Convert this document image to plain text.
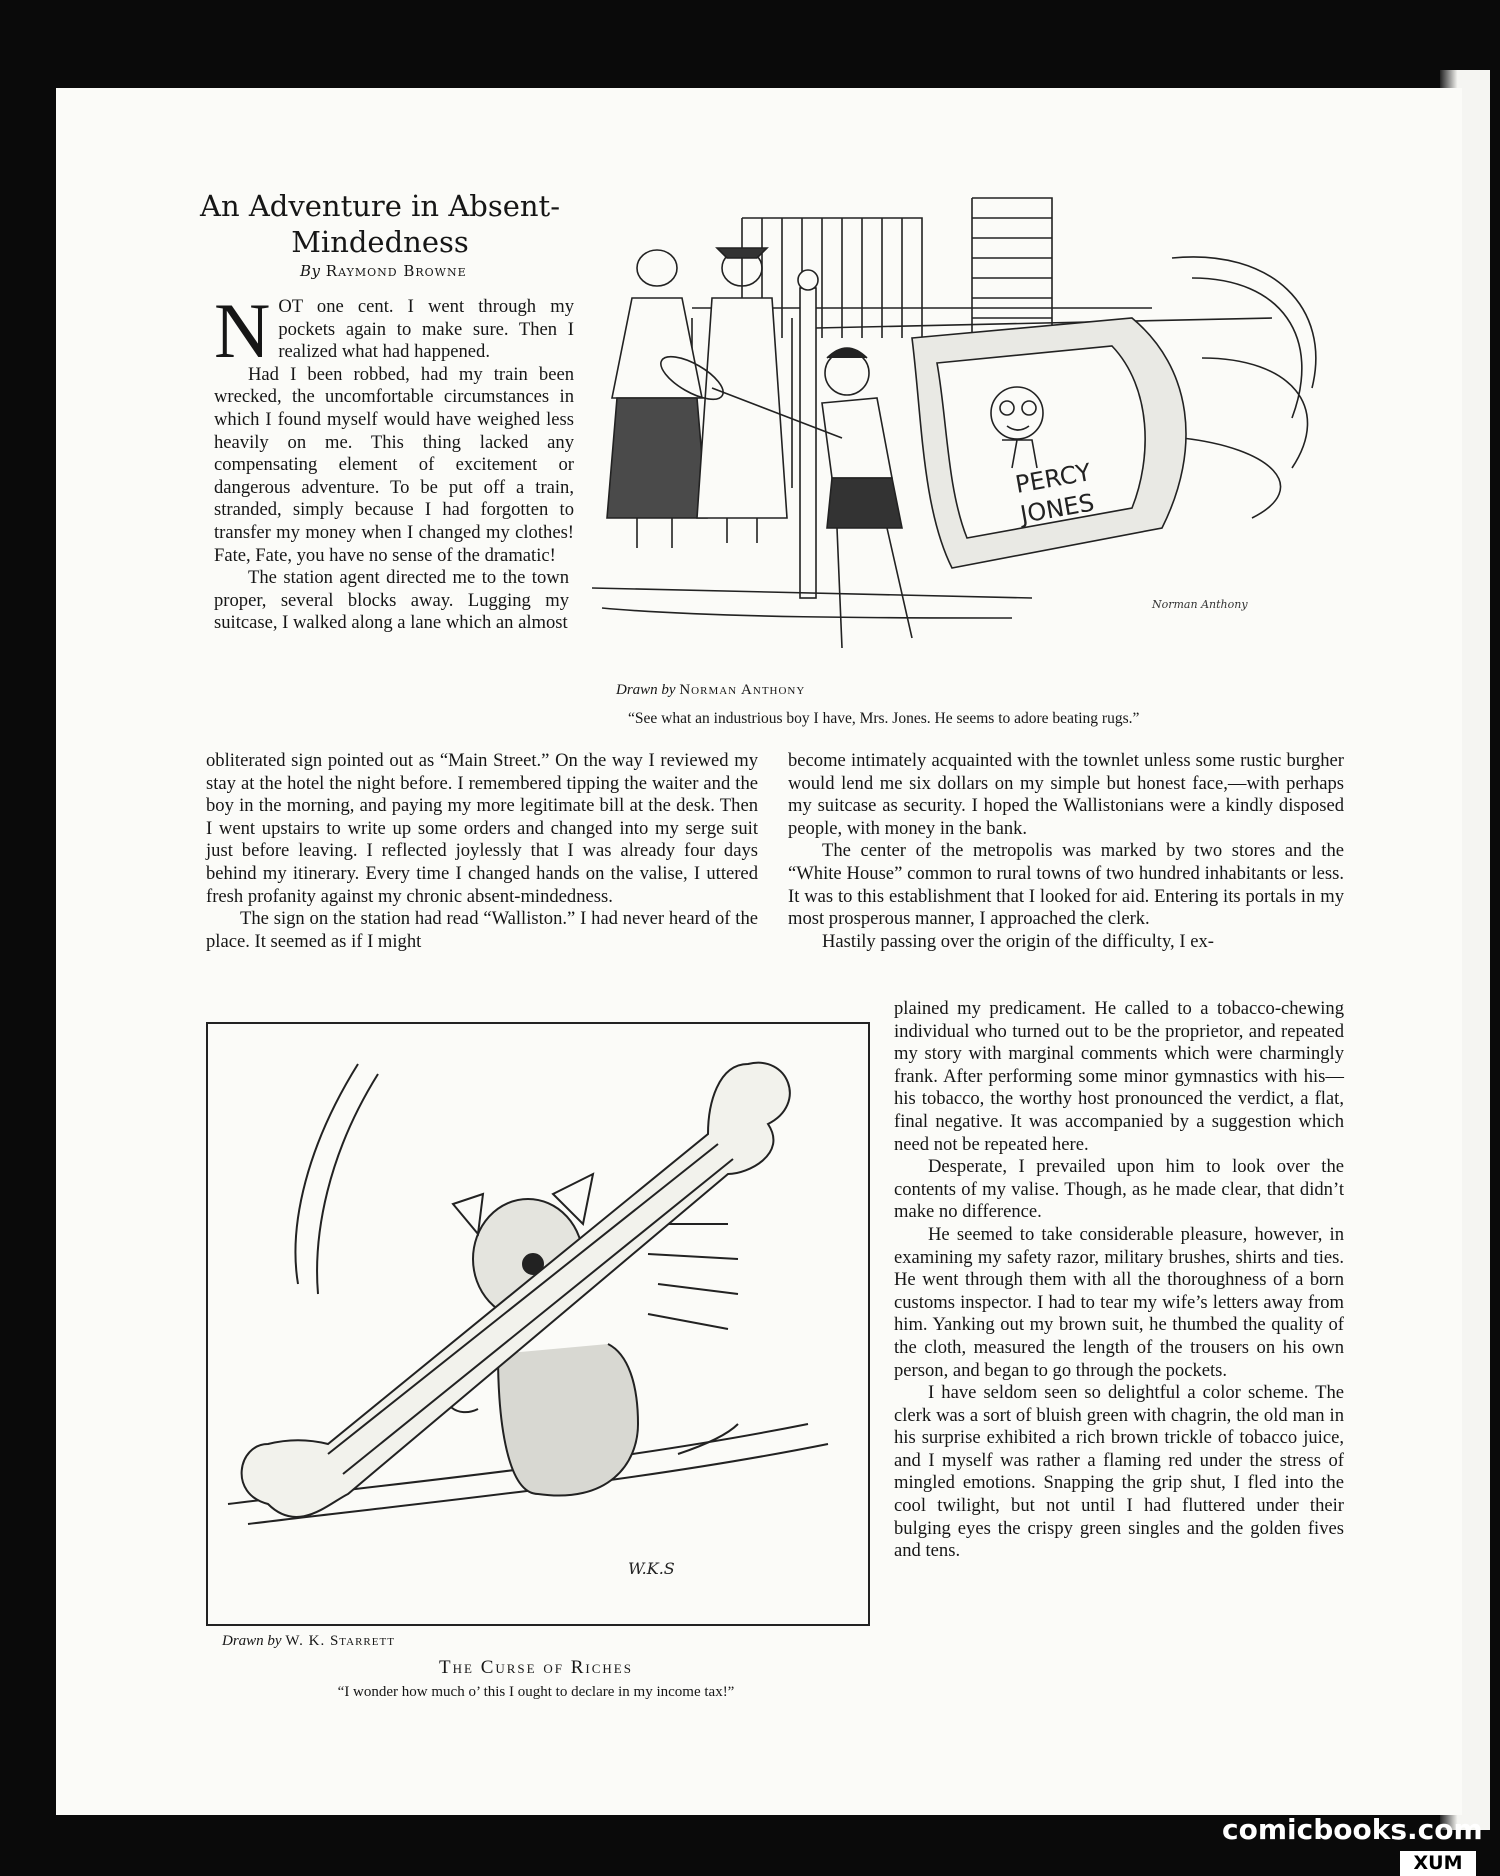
An Adventure in Absent-Mindedness
By Raymond Browne

NOT one cent. I went through my pockets again to make sure. Then I realized what had happened.

Had I been robbed, had my train been wrecked, the uncomfortable circumstances in which I found myself would have weighed less heavily on me. This thing lacked any compensating element of excitement or dangerous adventure. To be put off a train, stranded, simply because I had forgotten to transfer my money when I changed my clothes! Fate, Fate, you have no sense of the dramatic!

The station agent directed me to the town proper, several blocks away. Lugging my suitcase, I walked along a lane which an almost

PERCY
JONES
Norman Anthony
Drawn by Norman Anthony
“See what an industrious boy I have, Mrs. Jones. He seems to adore beating rugs.”

obliterated sign pointed out as “Main Street.” On the way I reviewed my stay at the hotel the night before. I remembered tipping the waiter and the boy in the morning, and paying my more legitimate bill at the desk. Then I went upstairs to write up some orders and changed into my serge suit just before leaving. I reflected joylessly that I was already four days behind my itinerary. Every time I changed hands on the valise, I uttered fresh profanity against my chronic absent-mindedness.

The sign on the station had read “Walliston.” I had never heard of the place. It seemed as if I might

become intimately acquainted with the townlet unless some rustic burgher would lend me six dollars on my simple but honest face,—with perhaps my suitcase as security. I hoped the Wallistonians were a kindly disposed people, with money in the bank.

The center of the metropolis was marked by two stores and the “White House” common to rural towns of two hundred inhabitants or less. It was to this establishment that I looked for aid. Entering its portals in my most prosperous manner, I approached the clerk.

Hastily passing over the origin of the difficulty, I ex-

plained my predicament. He called to a tobacco-chewing individual who turned out to be the proprietor, and repeated my story with marginal comments which were charmingly frank. After performing some minor gymnastics with his—his tobacco, the worthy host pronounced the verdict, a flat, final negative. It was accompanied by a suggestion which need not be repeated here.

Desperate, I prevailed upon him to look over the contents of my valise. Though, as he made clear, that didn’t make no difference.

He seemed to take considerable pleasure, however, in examining my safety razor, military brushes, shirts and ties. He went through them with all the thoroughness of a born customs inspector. I had to tear my wife’s letters away from him. Yanking out my brown suit, he thumbed the quality of the cloth, measured the length of the trousers on his own person, and began to go through the pockets.

I have seldom seen so delightful a color scheme. The clerk was a sort of bluish green with chagrin, the old man in his surprise exhibited a rich brown trickle of tobacco juice, and I myself was rather a flaming red under the stress of mingled emotions. Snapping the grip shut, I fled into the cool twilight, but not until I had fluttered under their bulging eyes the crispy green singles and the golden fives and tens.

W.K.S
Drawn by W. K. Starrett
The Curse of Riches
“I wonder how much o’ this I ought to declare in my income tax!”
comicbooks.com
XUM
